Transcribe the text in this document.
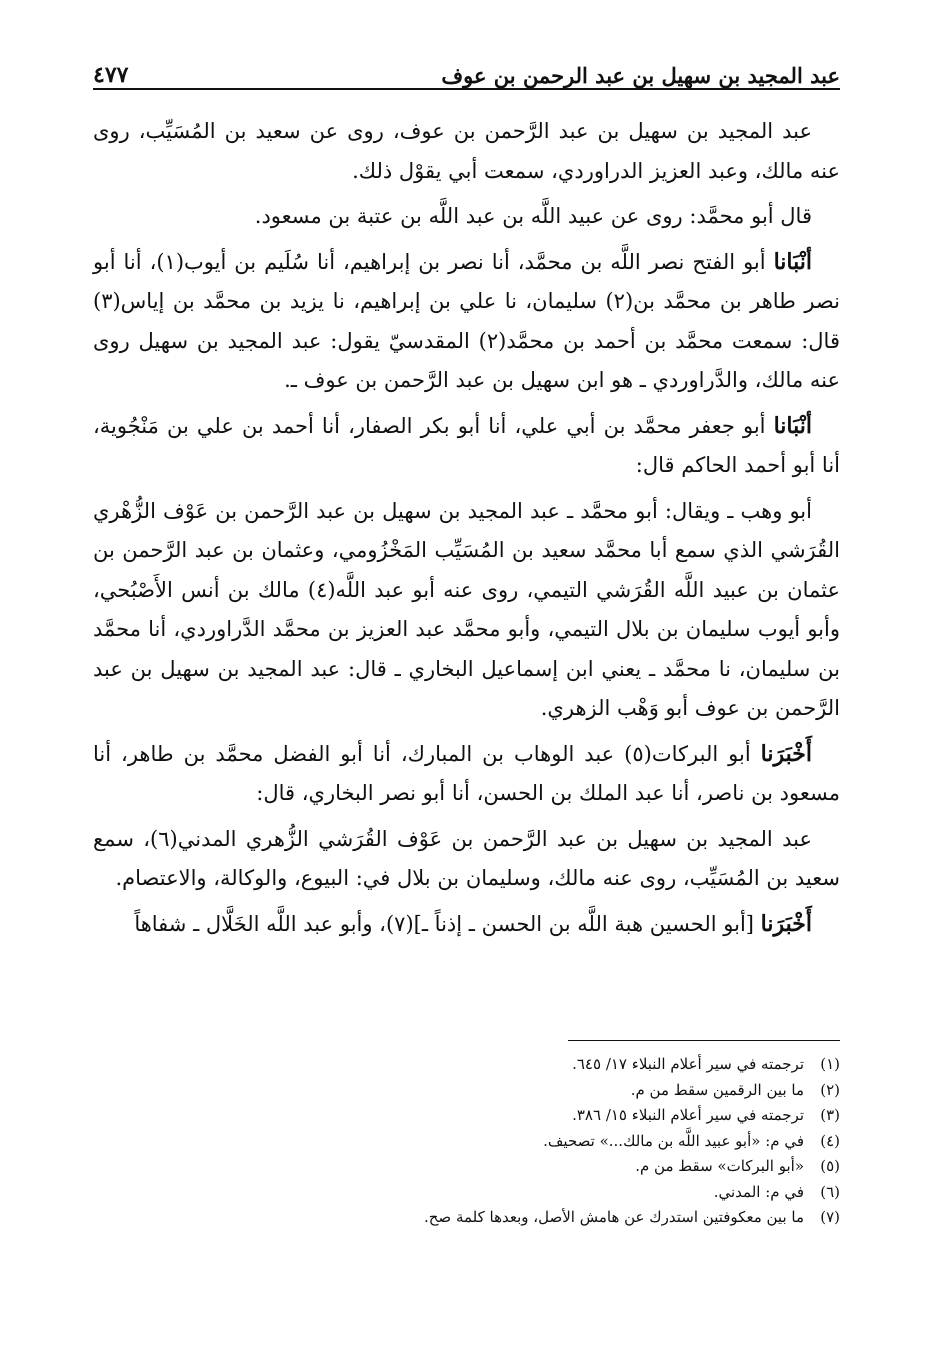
عبد المجيد بن سهيل بن عبد الرحمن بن عوف
٤٧٧

عبد المجيد بن سهيل بن عبد الرَّحمن بن عوف، روى عن سعيد بن المُسَيِّب، روى عنه مالك، وعبد العزيز الدراوردي، سمعت أبي يقوْل ذلك.

قال أبو محمَّد: روى عن عبيد اللَّه بن عبد اللَّه بن عتبة بن مسعود.

أنْبَانا أبو الفتح نصر اللَّه بن محمَّد، أنا نصر بن إبراهيم، أنا سُلَيم بن أيوب(١)، أنا أبو نصر طاهر بن محمَّد بن(٢) سليمان، نا علي بن إبراهيم، نا يزيد بن محمَّد بن إياس(٣) قال: سمعت محمَّد بن أحمد بن محمَّد(٢) المقدسيّ يقول: عبد المجيد بن سهيل روى عنه مالك، والدَّراوردي ـ هو ابن سهيل بن عبد الرَّحمن بن عوف ـ.

أنْبَانا أبو جعفر محمَّد بن أبي علي، أنا أبو بكر الصفار، أنا أحمد بن علي بن مَنْجُوية، أنا أبو أحمد الحاكم قال:

أبو وهب ـ ويقال: أبو محمَّد ـ عبد المجيد بن سهيل بن عبد الرَّحمن بن عَوْف الزُّهْري القُرَشي الذي سمع أبا محمَّد سعيد بن المُسَيِّب المَخْزُومي، وعثمان بن عبد الرَّحمن بن عثمان بن عبيد اللَّه القُرَشي التيمي، روى عنه أبو عبد اللَّه(٤) مالك بن أنس الأَصْبُحي، وأبو أيوب سليمان بن بلال التيمي، وأبو محمَّد عبد العزيز بن محمَّد الدَّراوردي، أنا محمَّد بن سليمان، نا محمَّد ـ يعني ابن إسماعيل البخاري ـ قال: عبد المجيد بن سهيل بن عبد الرَّحمن بن عوف أبو وَهْب الزهري.

أَخْبَرَنا أبو البركات(٥) عبد الوهاب بن المبارك، أنا أبو الفضل محمَّد بن طاهر، أنا مسعود بن ناصر، أنا عبد الملك بن الحسن، أنا أبو نصر البخاري، قال:

عبد المجيد بن سهيل بن عبد الرَّحمن بن عَوْف القُرَشي الزُّهري المدني(٦)، سمع سعيد بن المُسَيِّب، روى عنه مالك، وسليمان بن بلال في: البيوع، والوكالة، والاعتصام.

أَخْبَرَنا [أبو الحسين هبة اللَّه بن الحسن ـ إذناً ـ](٧)، وأبو عبد اللَّه الخَلَّال ـ شفاهاً

(١)ترجمته في سير أعلام النبلاء ١٧/ ٦٤٥.
(٢)ما بين الرقمين سقط من م.
(٣)ترجمته في سير أعلام النبلاء ١٥/ ٣٨٦.
(٤)في م: «أبو عبيد اللَّه بن مالك...» تصحيف.
(٥)«أبو البركات» سقط من م.
(٦)في م: المدني.
(٧)ما بين معكوفتين استدرك عن هامش الأصل، وبعدها كلمة صح.
